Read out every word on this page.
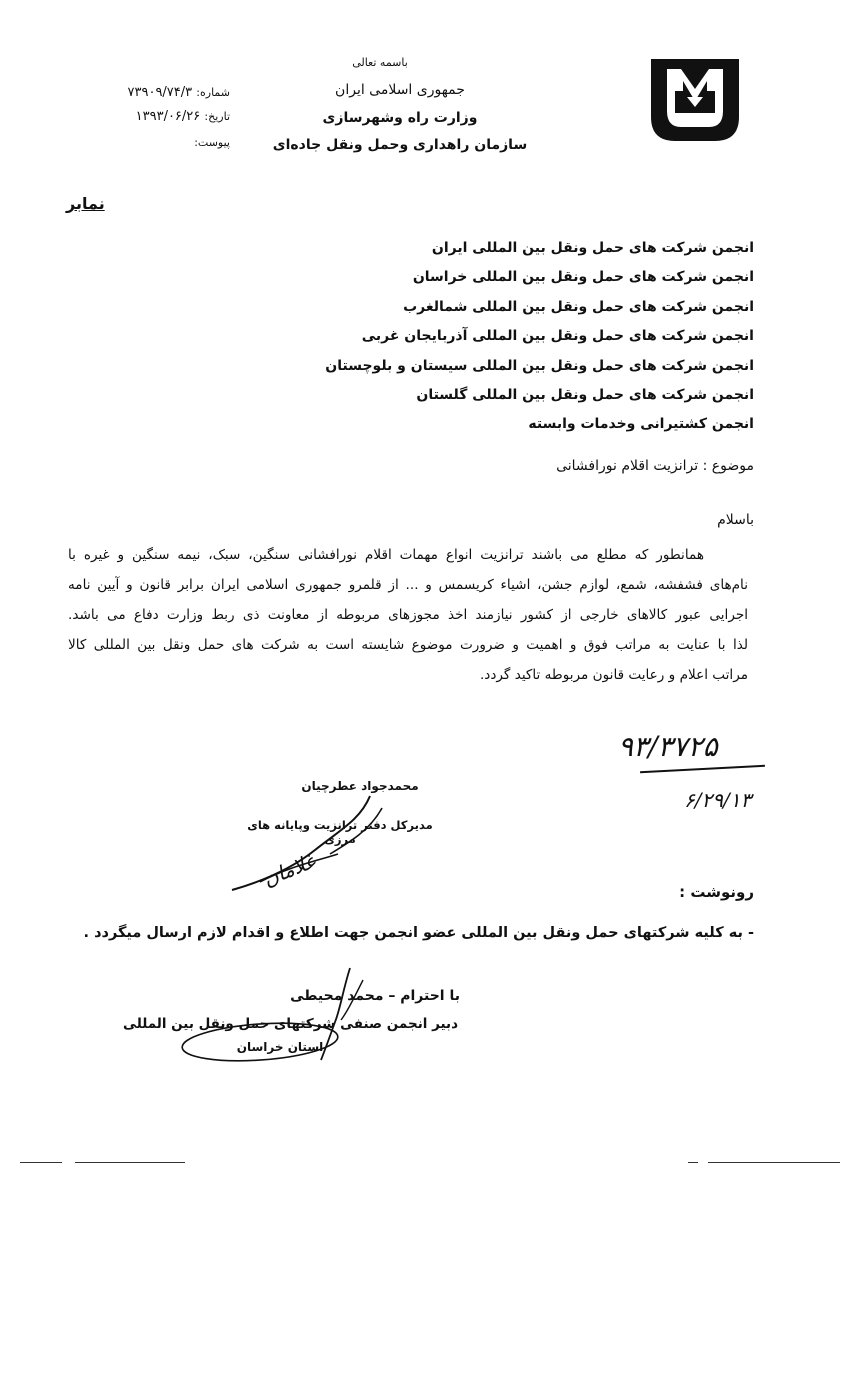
باسمه تعالی
جمهوری اسلامی ایران
وزارت راه وشهرسازی
سازمان راهداری وحمل ونقل جاده‌ای
شماره: ۷۳۹۰۹/۷۴/۳
تاریخ: ۱۳۹۳/۰۶/۲۶
پیوست:
نمابر
انجمن شرکت های حمل ونقل بین المللی ایران
انجمن شرکت های حمل ونقل بین المللی خراسان
انجمن شرکت های حمل ونقل بین المللی شمالغرب
انجمن شرکت های حمل ونقل بین المللی آذربایجان غربی
انجمن شرکت های حمل ونقل بین المللی سیستان و بلوچستان
انجمن شرکت های حمل ونقل بین المللی گلستان
انجمن کشتیرانی وخدمات وابسته
موضوع : ترانزیت اقلام نورافشانی
باسلام
همانطور که مطلع می باشند ترانزیت انواع مهمات اقلام نورافشانی سنگین، سبک، نیمه سنگین و غیره با
نام‌های فشفشه، شمع، لوازم جشن، اشیاء کریسمس و ... از قلمرو جمهوری اسلامی ایران برابر قانون و آیین نامه
اجرایی عبور کالاهای خارجی از کشور نیازمند اخذ مجوزهای مربوطه از معاونت ذی ربط وزارت دفاع می باشد.
لذا با عنایت به مراتب فوق و اهمیت و ضرورت موضوع شایسته است به شرکت های حمل ونقل بین المللی کالا
مراتب اعلام و رعایت قانون مربوطه تاکید گردد.
۹۳/۳۷۲۵
۶/۲۹/۱۳
محمدجواد عطرچیان
مدیرکل دفتر ترانزیت وپایانه های مرزی
غلامان
رونوشت :
- به کلیه شرکتهای حمل ونقل بین المللی عضو انجمن جهت اطلاع و اقدام لازم ارسال میگردد .
با احترام – محمد محیطی
دبیر انجمن صنفی شرکتهای حمل ونقل بین المللی
استان خراسان
